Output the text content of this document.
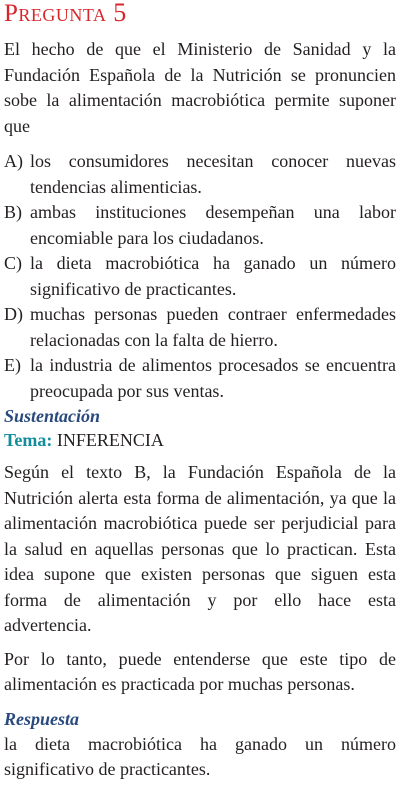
Pregunta 5
El hecho de que el Ministerio de Sanidad y la Fundación Española de la Nutrición se pronuncien sobe la alimentación macrobiótica permite suponer que
A) los consumidores necesitan conocer nuevas tendencias alimenticias.
B) ambas instituciones desempeñan una labor encomiable para los ciudadanos.
C) la dieta macrobiótica ha ganado un número significativo de practicantes.
D) muchas personas pueden contraer enfermedades relacionadas con la falta de hierro.
E) la industria de alimentos procesados se encuentra preocupada por sus ventas.
Sustentación
Tema: INFERENCIA
Según el texto B, la Fundación Española de la Nutrición alerta esta forma de alimentación, ya que la alimentación macrobiótica puede ser perjudicial para la salud en aquellas personas que lo practican. Esta idea supone que existen personas que siguen esta forma de alimentación y por ello hace esta advertencia.
Por lo tanto, puede entenderse que este tipo de alimentación es practicada por muchas personas.
Respuesta
la dieta macrobiótica ha ganado un número significativo de practicantes.
